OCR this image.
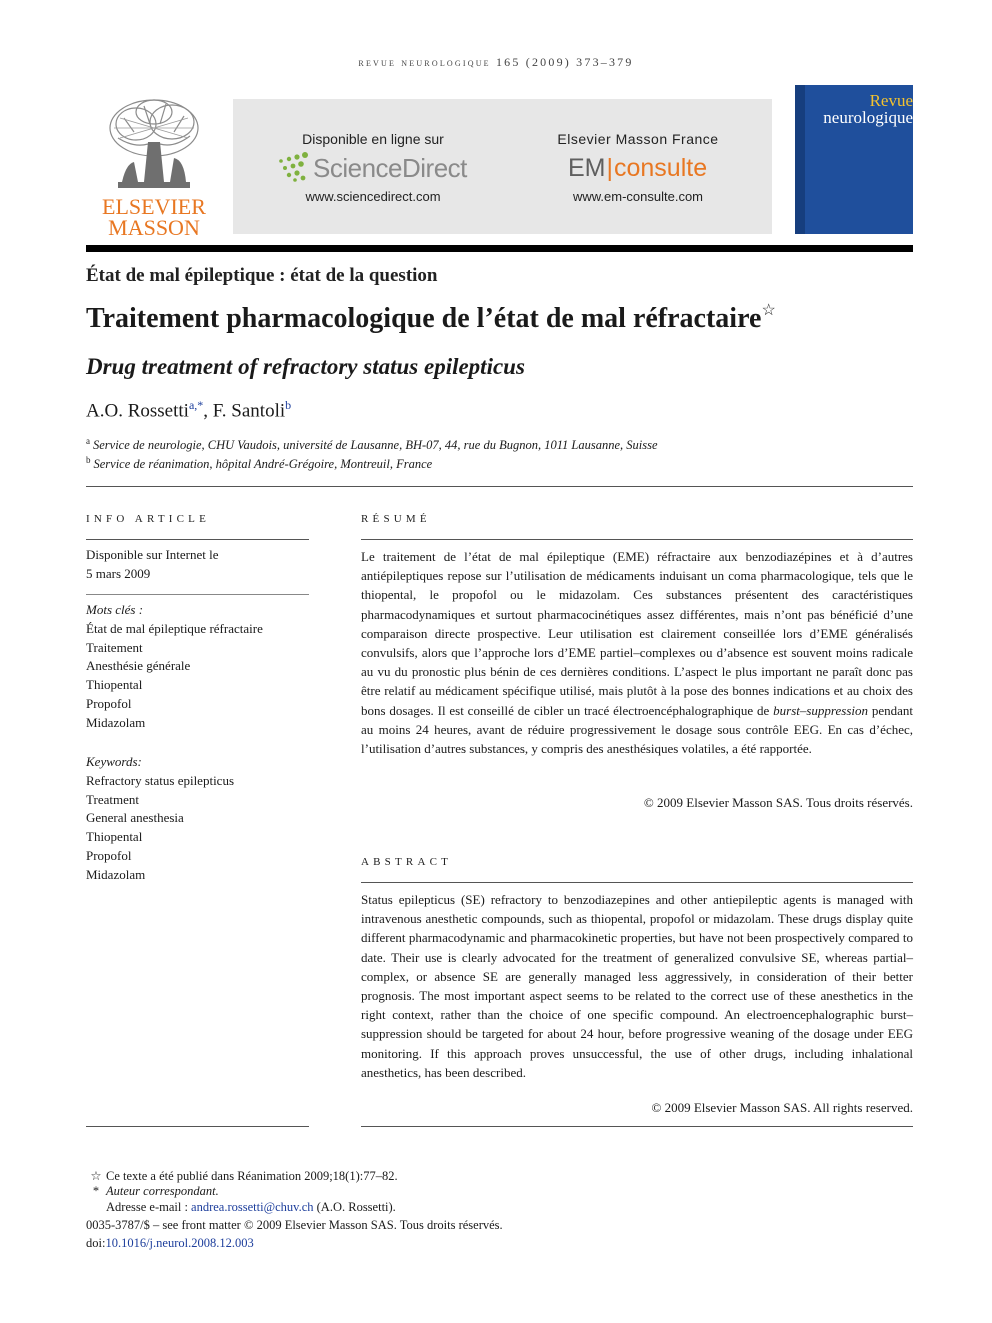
revue neurologique 165 (2009) 373–379
ELSEVIER
MASSON
Disponible en ligne sur
ScienceDirect
www.sciencedirect.com
Elsevier Masson France
EM|consulte
www.em-consulte.com
Revue
neurologique
État de mal épileptique : état de la question
Traitement pharmacologique de l’état de mal réfractaire☆
Drug treatment of refractory status epilepticus
A.O. Rossetti$^{a,*}$, F. Santoli$^b$
$^a$ Service de neurologie, CHU Vaudois, université de Lausanne, BH-07, 44, rue du Bugnon, 1011 Lausanne, Suisse
$^b$ Service de réanimation, hôpital André-Grégoire, Montreuil, France
INFO ARTICLE
Disponible sur Internet le
5 mars 2009
Mots clés :
État de mal épileptique réfractaire
Traitement
Anesthésie générale
Thiopental
Propofol
Midazolam
Keywords:
Refractory status epilepticus
Treatment
General anesthesia
Thiopental
Propofol
Midazolam
RÉSUMÉ
Le traitement de l’état de mal épileptique (EME) réfractaire aux benzodiazépines et à d’autres antiépileptiques repose sur l’utilisation de médicaments induisant un coma pharmacologique, tels que le thiopental, le propofol ou le midazolam. Ces substances présentent des caractéristiques pharmacodynamiques et surtout pharmacocinétiques assez différentes, mais n’ont pas bénéficié d’une comparaison directe prospective. Leur utilisation est clairement conseillée lors d’EME généralisés convulsifs, alors que l’approche lors d’EME partiel–complexes ou d’absence est souvent moins radicale au vu du pronostic plus bénin de ces dernières conditions. L’aspect le plus important ne paraît donc pas être relatif au médicament spécifique utilisé, mais plutôt à la pose des bonnes indications et au choix des bons dosages. Il est conseillé de cibler un tracé électroencéphalographique de burst–suppression pendant au moins 24 heures, avant de réduire progressivement le dosage sous contrôle EEG. En cas d’échec, l’utilisation d’autres substances, y compris des anesthésiques volatiles, a été rapportée.
© 2009 Elsevier Masson SAS. Tous droits réservés.
ABSTRACT
Status epilepticus (SE) refractory to benzodiazepines and other antiepileptic agents is managed with intravenous anesthetic compounds, such as thiopental, propofol or midazolam. These drugs display quite different pharmacodynamic and pharmacokinetic properties, but have not been prospectively compared to date. Their use is clearly advocated for the treatment of generalized convulsive SE, whereas partial–complex, or absence SE are generally managed less aggressively, in consideration of their better prognosis. The most important aspect seems to be related to the correct use of these anesthetics in the right context, rather than the choice of one specific compound. An electroencephalographic burst–suppression should be targeted for about 24 hour, before progressive weaning of the dosage under EEG monitoring. If this approach proves unsuccessful, the use of other drugs, including inhalational anesthetics, has been described.
© 2009 Elsevier Masson SAS. All rights reserved.
☆ Ce texte a été publié dans Réanimation 2009;18(1):77–82.
* Auteur correspondant.
Adresse e-mail : andrea.rossetti@chuv.ch (A.O. Rossetti).
0035-3787/$ – see front matter © 2009 Elsevier Masson SAS. Tous droits réservés.
doi:10.1016/j.neurol.2008.12.003
